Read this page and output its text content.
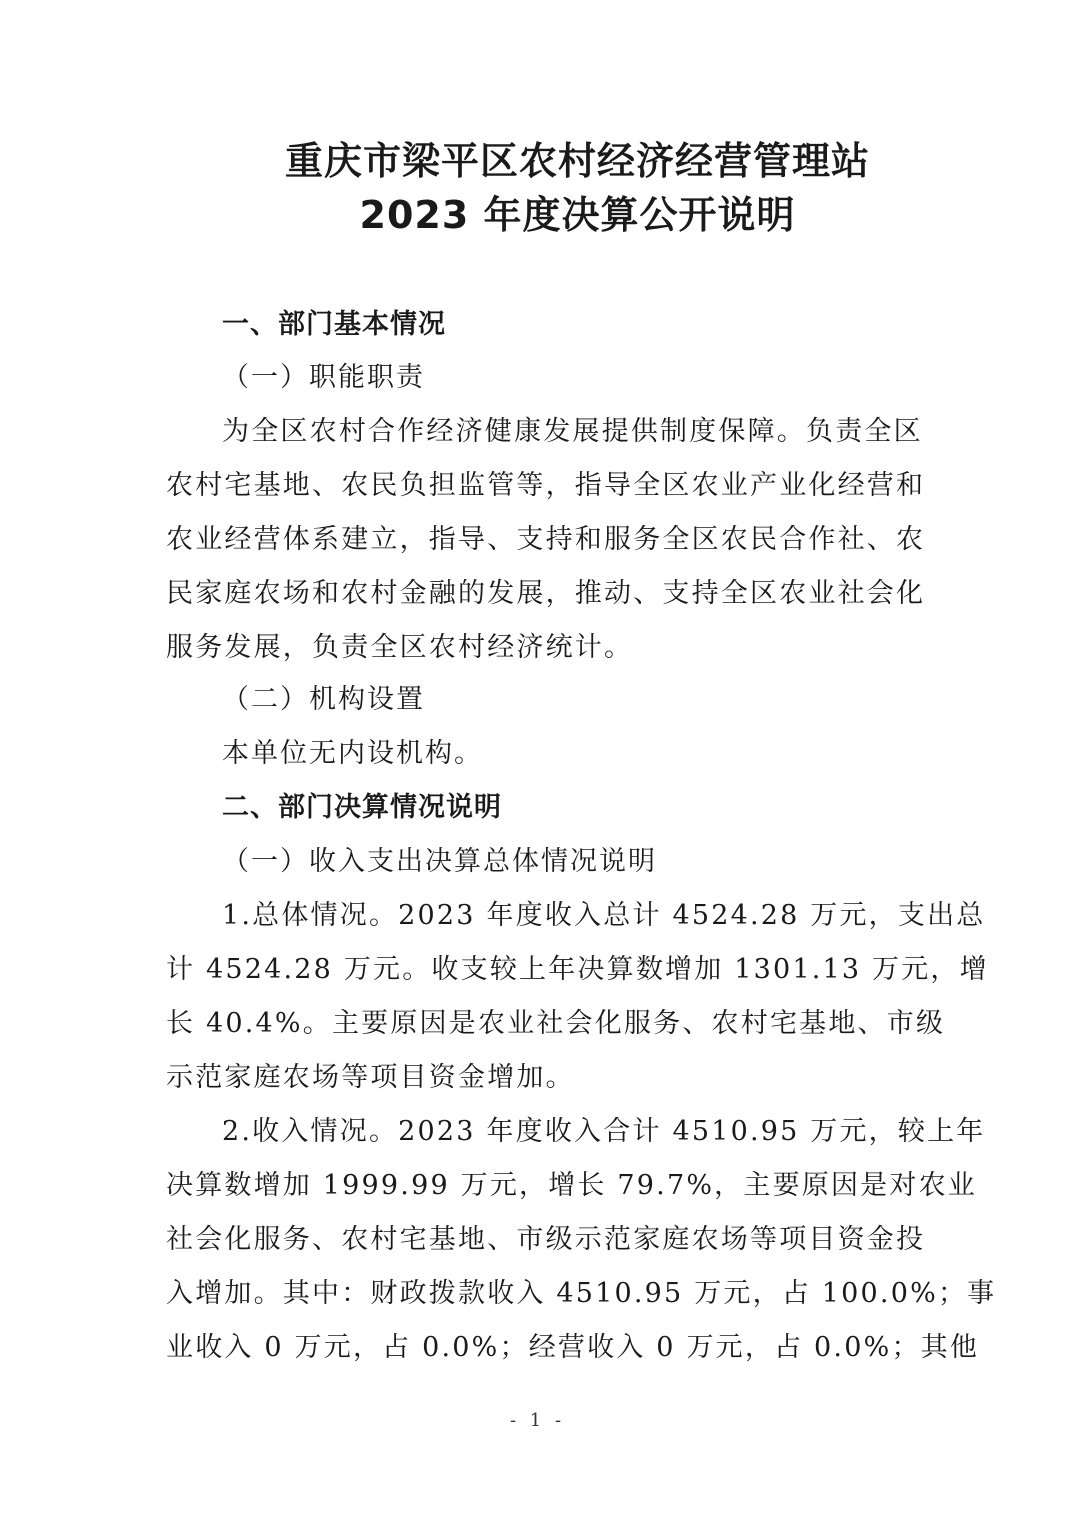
重庆市梁平区农村经济经营管理站
2023 年度决算公开说明
一、部门基本情况
（一）职能职责
为全区农村合作经济健康发展提供制度保障。负责全区
农村宅基地、农民负担监管等，指导全区农业产业化经营和
农业经营体系建立，指导、支持和服务全区农民合作社、农
民家庭农场和农村金融的发展，推动、支持全区农业社会化
服务发展，负责全区农村经济统计。
（二）机构设置
本单位无内设机构。
二、部门决算情况说明
（一）收入支出决算总体情况说明
1.总体情况。2023 年度收入总计 4524.28 万元，支出总
计 4524.28 万元。收支较上年决算数增加 1301.13 万元，增
长 40.4%。主要原因是农业社会化服务、农村宅基地、市级
示范家庭农场等项目资金增加。
2.收入情况。2023 年度收入合计 4510.95 万元，较上年
决算数增加 1999.99 万元，增长 79.7%，主要原因是对农业
社会化服务、农村宅基地、市级示范家庭农场等项目资金投
入增加。其中：财政拨款收入 4510.95 万元，占 100.0%；事
业收入 0 万元，占 0.0%；经营收入 0 万元，占 0.0%；其他
- 1 -
